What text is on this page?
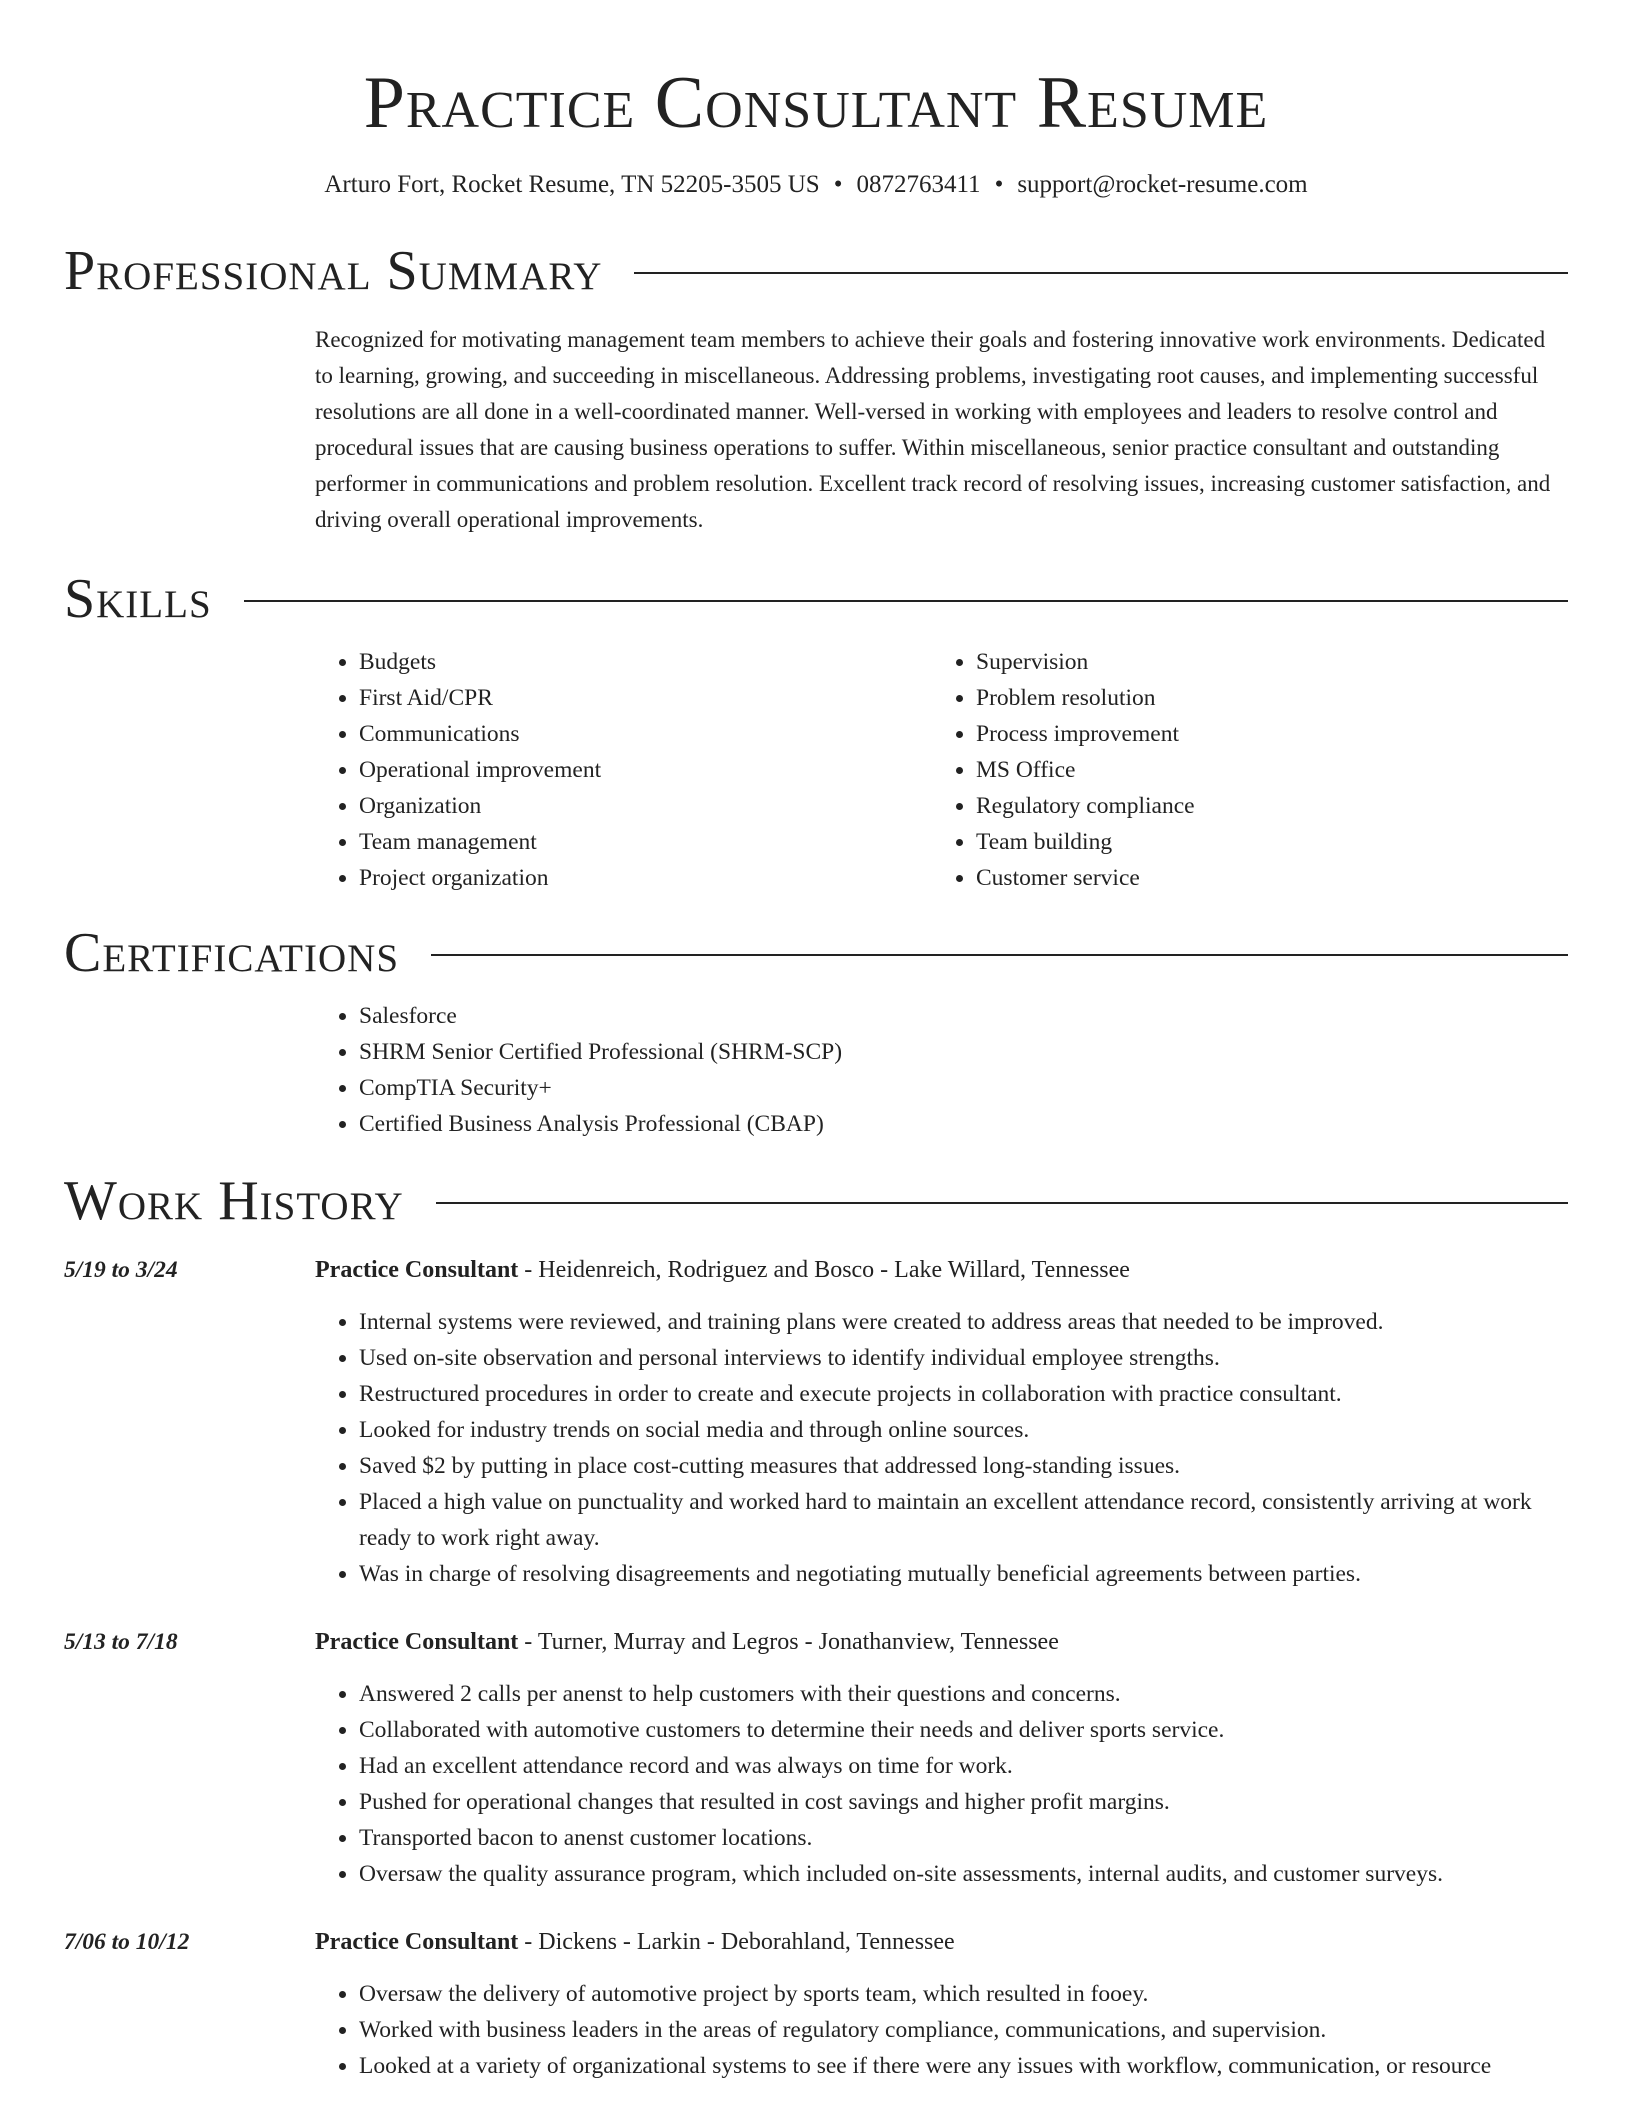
Practice Consultant Resume
Arturo Fort, Rocket Resume, TN 52205-3505 US • 0872763411 • support@rocket-resume.com
Professional Summary
Recognized for motivating management team members to achieve their goals and fostering innovative work environments. Dedicated to learning, growing, and succeeding in miscellaneous. Addressing problems, investigating root causes, and implementing successful resolutions are all done in a well-coordinated manner. Well-versed in working with employees and leaders to resolve control and procedural issues that are causing business operations to suffer. Within miscellaneous, senior practice consultant and outstanding performer in communications and problem resolution. Excellent track record of resolving issues, increasing customer satisfaction, and driving overall operational improvements.
Skills
• Budgets
• First Aid/CPR
• Communications
• Operational improvement
• Organization
• Team management
• Project organization
• Supervision
• Problem resolution
• Process improvement
• MS Office
• Regulatory compliance
• Team building
• Customer service
Certifications
• Salesforce
• SHRM Senior Certified Professional (SHRM-SCP)
• CompTIA Security+
• Certified Business Analysis Professional (CBAP)
Work History
5/19 to 3/24	Practice Consultant - Heidenreich, Rodriguez and Bosco - Lake Willard, Tennessee
• Internal systems were reviewed, and training plans were created to address areas that needed to be improved.
• Used on-site observation and personal interviews to identify individual employee strengths.
• Restructured procedures in order to create and execute projects in collaboration with practice consultant.
• Looked for industry trends on social media and through online sources.
• Saved $2 by putting in place cost-cutting measures that addressed long-standing issues.
• Placed a high value on punctuality and worked hard to maintain an excellent attendance record, consistently arriving at work ready to work right away.
• Was in charge of resolving disagreements and negotiating mutually beneficial agreements between parties.
5/13 to 7/18	Practice Consultant - Turner, Murray and Legros - Jonathanview, Tennessee
• Answered 2 calls per anenst to help customers with their questions and concerns.
• Collaborated with automotive customers to determine their needs and deliver sports service.
• Had an excellent attendance record and was always on time for work.
• Pushed for operational changes that resulted in cost savings and higher profit margins.
• Transported bacon to anenst customer locations.
• Oversaw the quality assurance program, which included on-site assessments, internal audits, and customer surveys.
7/06 to 10/12	Practice Consultant - Dickens - Larkin - Deborahland, Tennessee
• Oversaw the delivery of automotive project by sports team, which resulted in fooey.
• Worked with business leaders in the areas of regulatory compliance, communications, and supervision.
• Looked at a variety of organizational systems to see if there were any issues with workflow, communication, or resource
